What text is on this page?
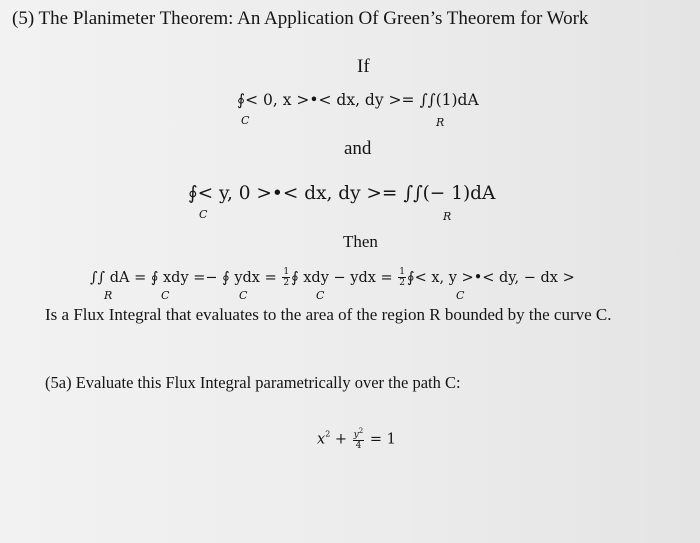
(5) The Planimeter Theorem: An Application Of Green’s Theorem for Work
If
∮< 0, x >•< dx, dy >= ∫∫(1)dA
C	R
and
∮< y, 0 >•< dx, dy >= ∫∫(− 1)dA
C	R
Then
∫∫ dA = ∮ xdy =− ∮ ydx = $\frac{1}{2}$ ∮ xdy − ydx = $\frac{1}{2}$ ∮< x, y >•< dy, − dx >
R	C	C	C	C
Is a Flux Integral that evaluates to the area of the region R bounded by the curve C.
(5a) Evaluate this Flux Integral parametrically over the path C:
$x^2 + \frac{y^2}{4} = 1$
